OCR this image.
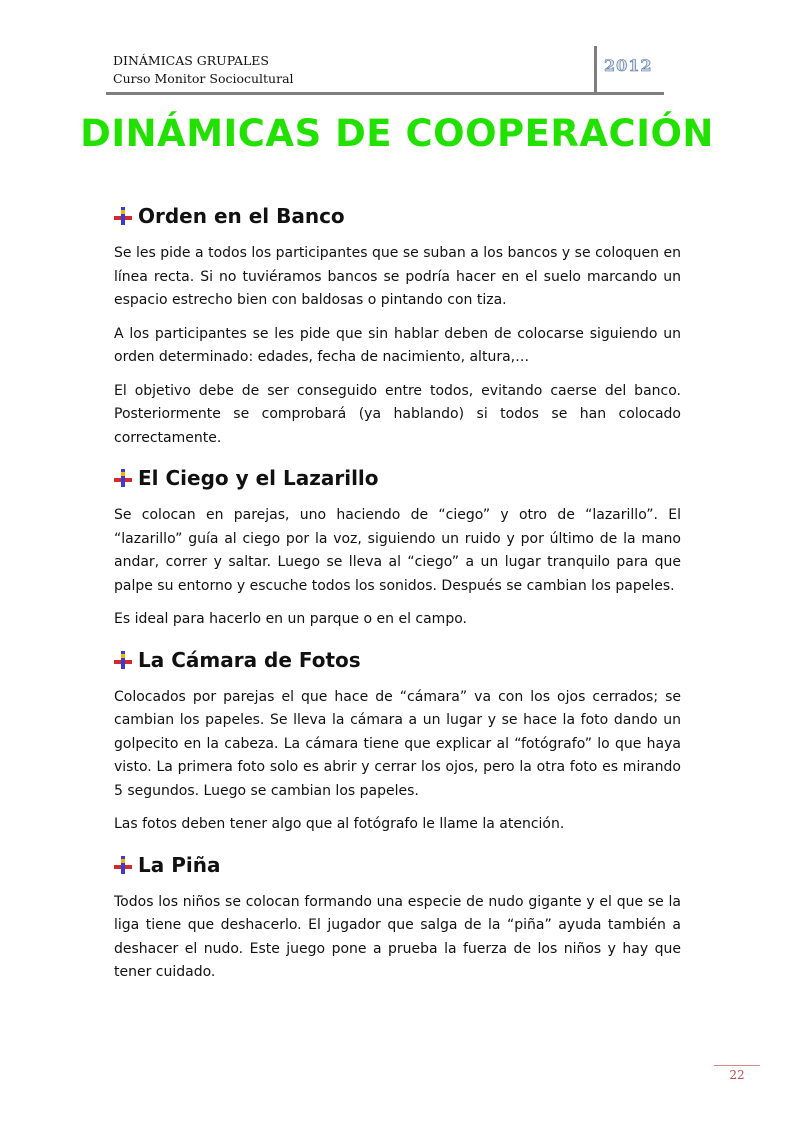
DINÁMICAS GRUPALES
Curso Monitor Sociocultural
2012
DINÁMICAS DE COOPERACIÓN
Orden en el Banco

Se les pide a todos los participantes que se suban a los bancos y se coloquen en línea recta. Si no tuviéramos bancos se podría hacer en el suelo marcando un espacio estrecho bien con baldosas o pintando con tiza.

A los participantes se les pide que sin hablar deben de colocarse siguiendo un orden determinado: edades, fecha de nacimiento, altura,…

El objetivo debe de ser conseguido entre todos, evitando caerse del banco. Posteriormente se comprobará (ya hablando) si todos se han colocado correctamente.

El Ciego y el Lazarillo

Se colocan en parejas, uno haciendo de “ciego” y otro de “lazarillo”. El “lazarillo” guía al ciego por la voz, siguiendo un ruido y por último de la mano andar, correr y saltar. Luego se lleva al “ciego” a un lugar tranquilo para que palpe su entorno y escuche todos los sonidos. Después se cambian los papeles.

Es ideal para hacerlo en un parque o en el campo.

La Cámara de Fotos

Colocados por parejas el que hace de “cámara” va con los ojos cerrados; se cambian los papeles. Se lleva la cámara a un lugar y se hace la foto dando un golpecito en la cabeza. La cámara tiene que explicar al “fotógrafo” lo que haya visto. La primera foto solo es abrir y cerrar los ojos, pero la otra foto es mirando 5 segundos. Luego se cambian los papeles.

Las fotos deben tener algo que al fotógrafo le llame la atención.

La Piña

Todos los niños se colocan formando una especie de nudo gigante y el que se la liga tiene que deshacerlo. El jugador que salga de la “piña” ayuda también a deshacer el nudo. Este juego pone a prueba la fuerza de los niños y hay que tener cuidado.

22
